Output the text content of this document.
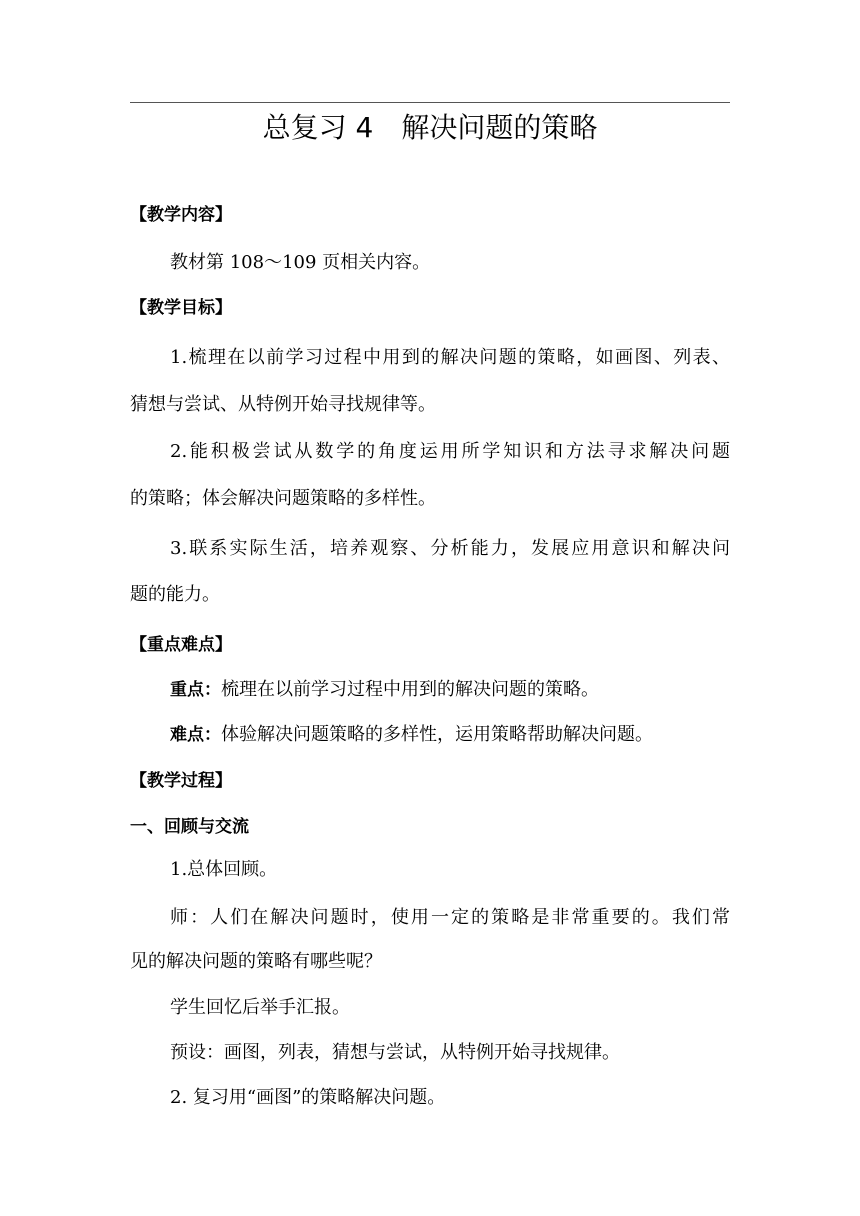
总复习 4　解决问题的策略
【教学内容】
教材第 108～109 页相关内容。
【教学目标】
1.梳理在以前学习过程中用到的解决问题的策略，如画图、列表、
猜想与尝试、从特例开始寻找规律等。
2.能积极尝试从数学的角度运用所学知识和方法寻求解决问题
的策略；体会解决问题策略的多样性。
3.联系实际生活，培养观察、分析能力，发展应用意识和解决问
题的能力。
【重点难点】
重点：梳理在以前学习过程中用到的解决问题的策略。
难点：体验解决问题策略的多样性，运用策略帮助解决问题。
【教学过程】
一、回顾与交流
1.总体回顾。
师：人们在解决问题时，使用一定的策略是非常重要的。我们常
见的解决问题的策略有哪些呢？
学生回忆后举手汇报。
预设：画图，列表，猜想与尝试，从特例开始寻找规律。
2. 复习用“画图”的策略解决问题。
